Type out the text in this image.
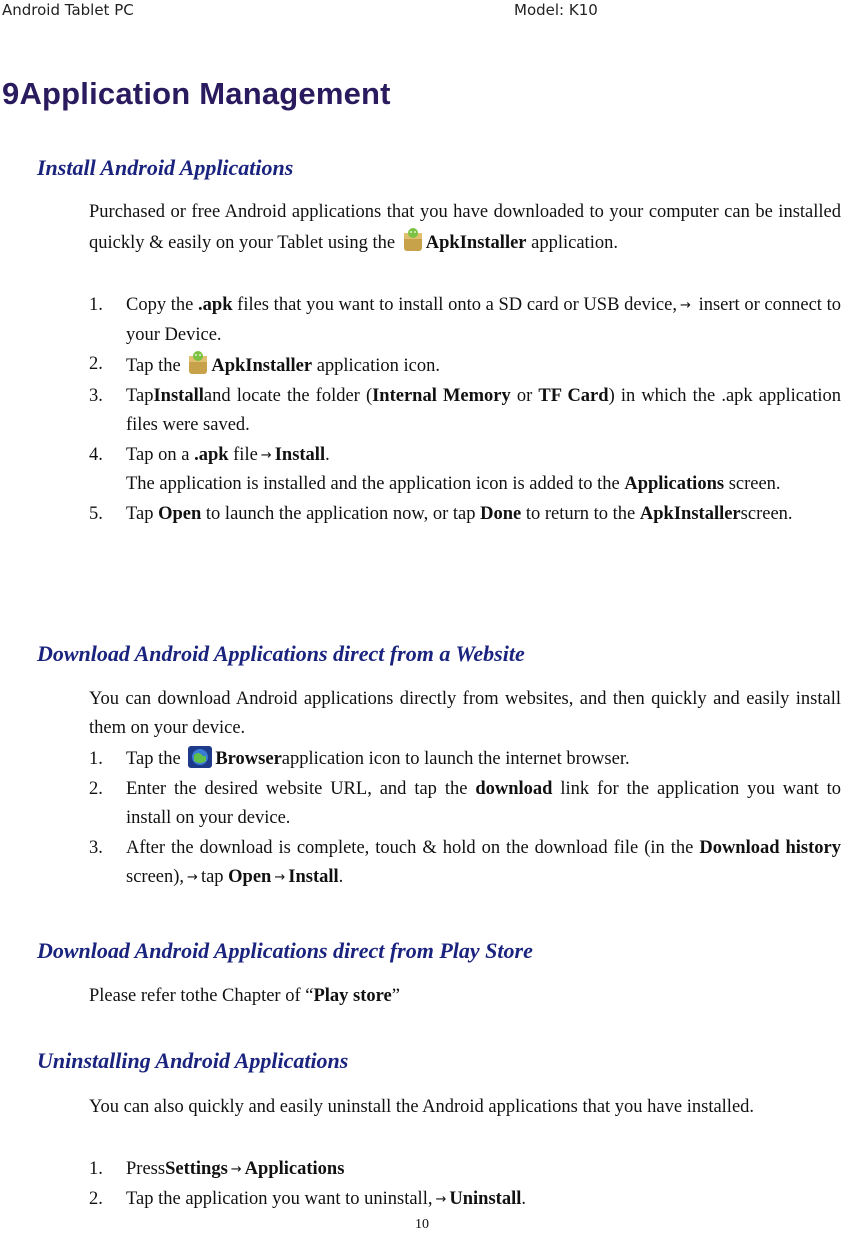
Android Tablet PC	Model: K10
9Application Management
Install Android Applications

Purchased or free Android applications that you have downloaded to your computer can be installed quickly & easily on your Tablet using the ApkInstaller application.

1. Copy the .apk files that you want to install onto a SD card or USB device, → insert or connect to your Device.
2. Tap the ApkInstaller application icon.
3. TapInstalland locate the folder (Internal Memory or TF Card) in which the .apk application files were saved.
4. Tap on a .apk file → Install.
The application is installed and the application icon is added to the Applications screen.
5. Tap Open to launch the application now, or tap Done to return to the ApkInstallerscreen.
Download Android Applications direct from a Website

You can download Android applications directly from websites, and then quickly and easily install them on your device.

1. Tap the Browserapplication icon to launch the internet browser.
2. Enter the desired website URL, and tap the download link for the application you want to install on your device.
3. After the download is complete, touch & hold on the download file (in the Download history screen), → tap Open → Install.
Download Android Applications direct from Play Store

Please refer tothe Chapter of “Play store”

Uninstalling Android Applications

You can also quickly and easily uninstall the Android applications that you have installed.

1. PressSettings → Applications
2. Tap the application you want to uninstall, → Uninstall.
10
